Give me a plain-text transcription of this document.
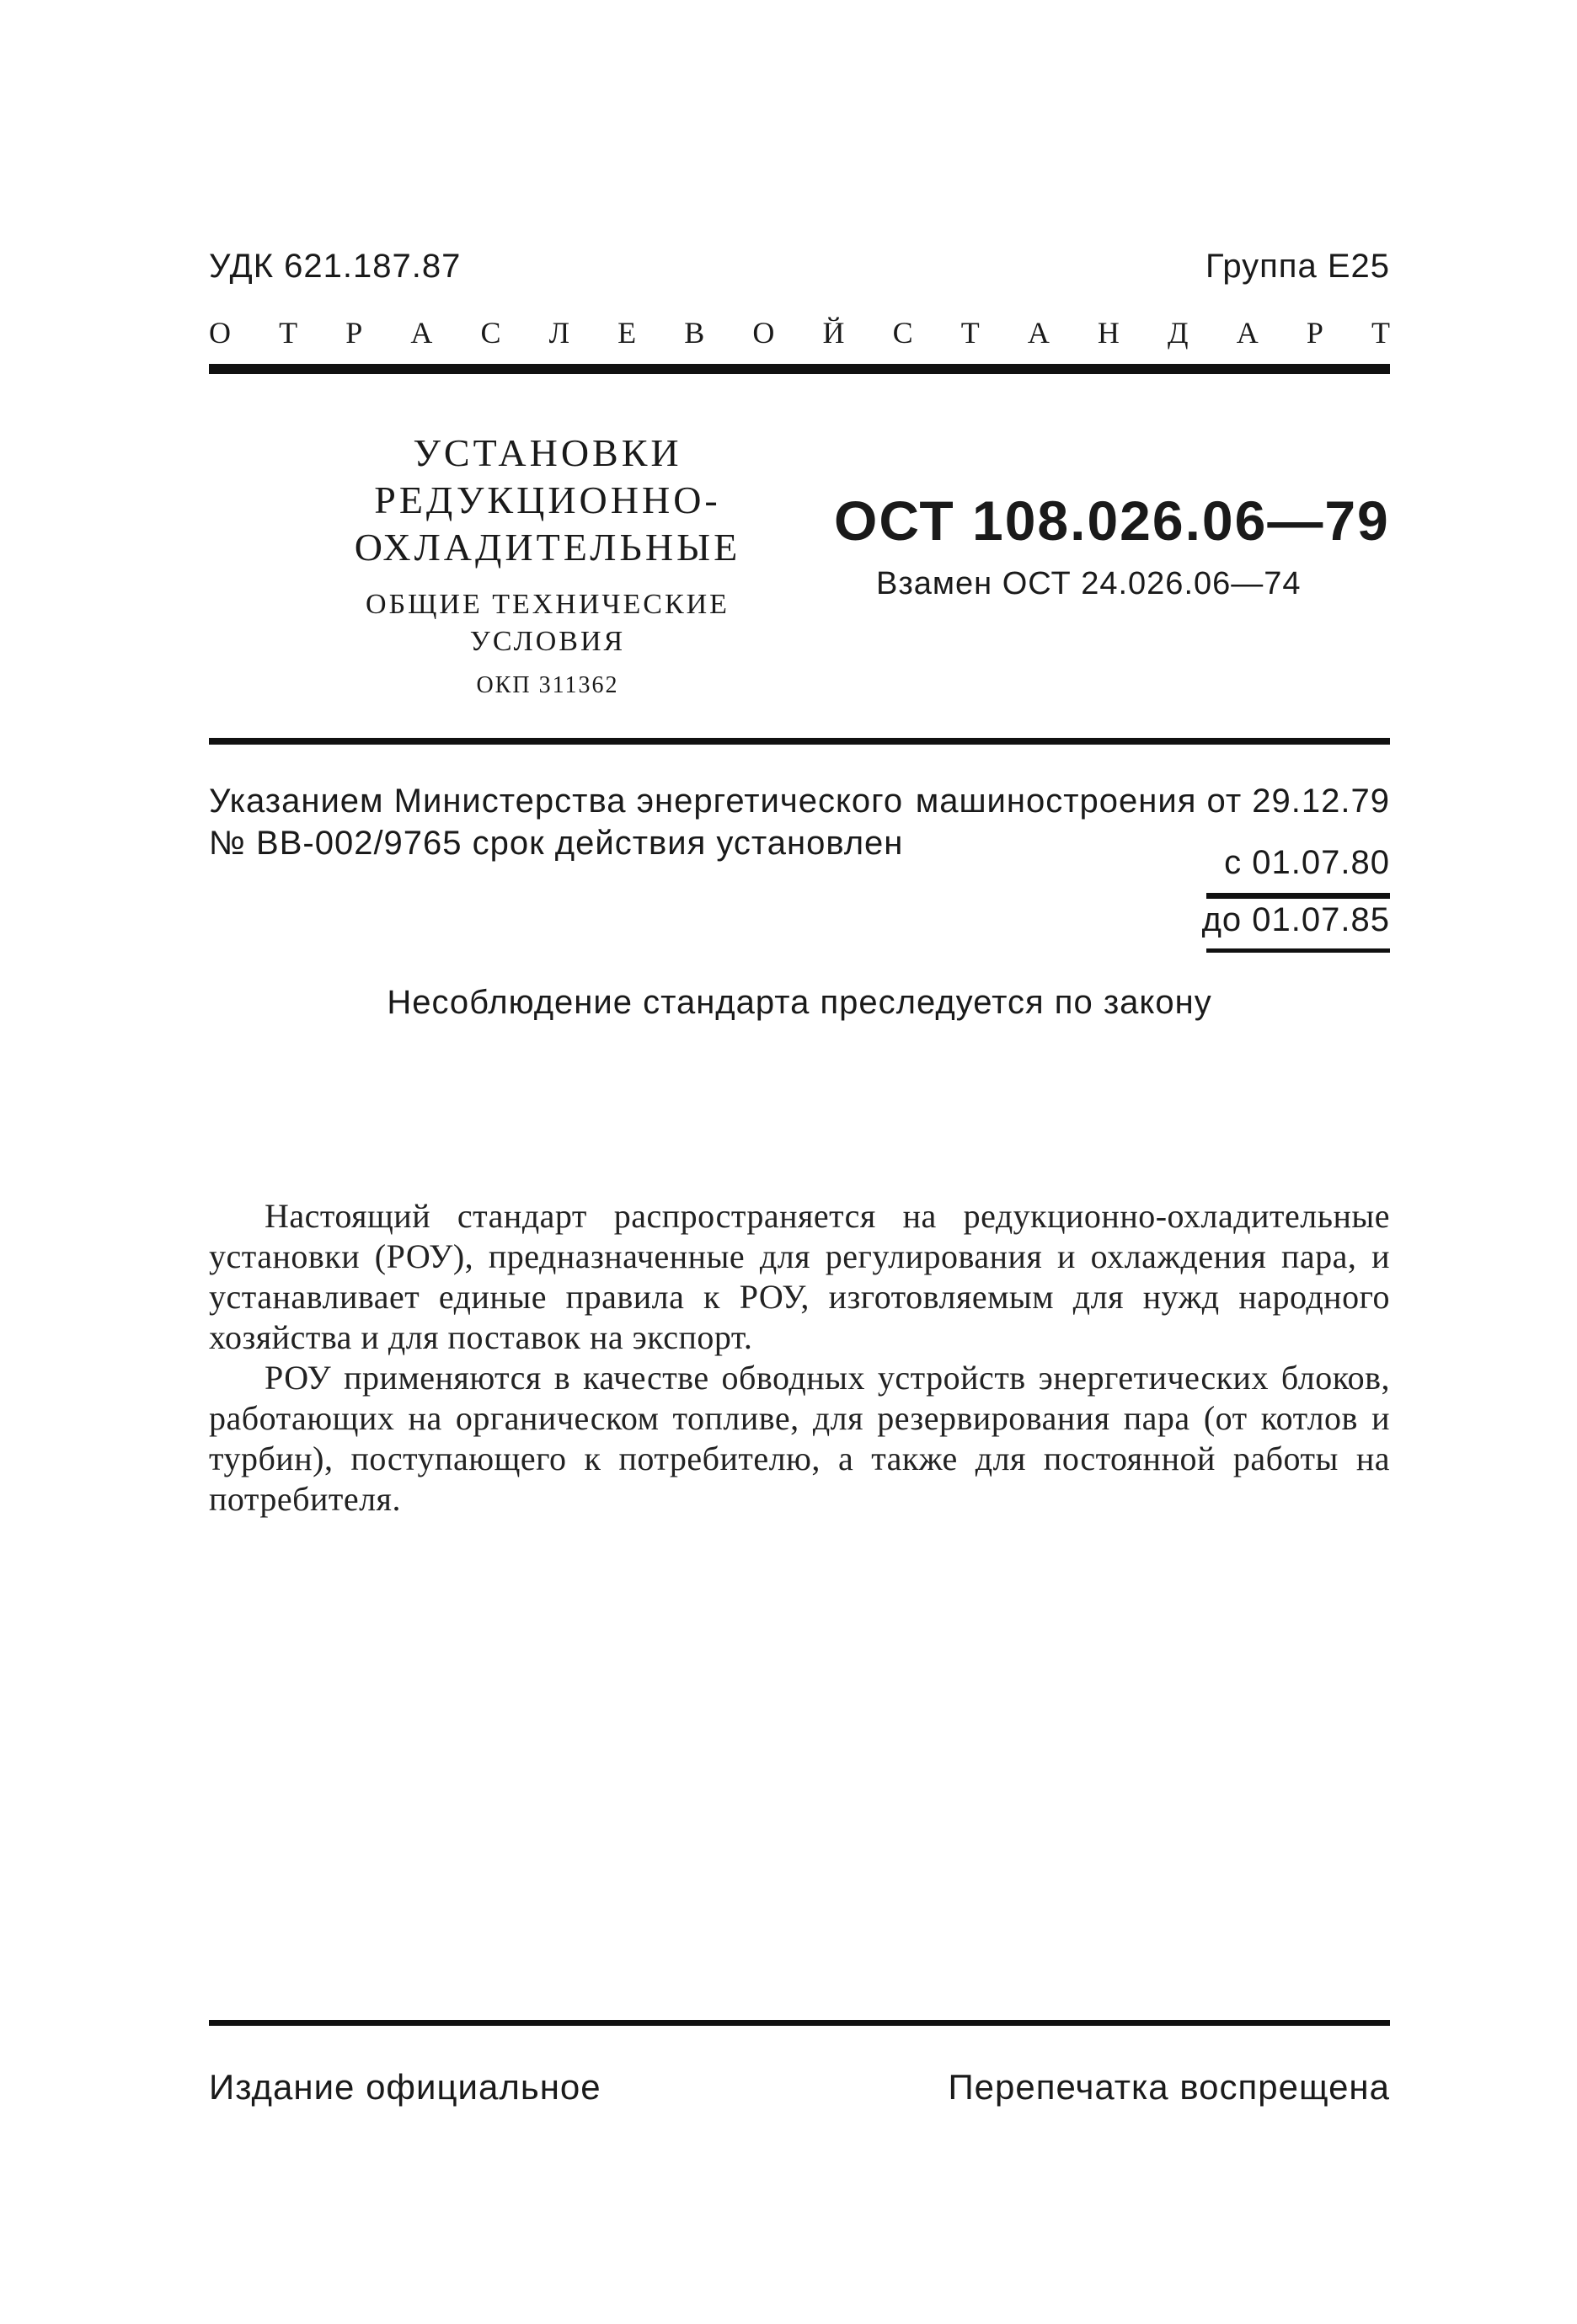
УДК 621.187.87	Группа Е25
О Т Р А С Л Е В О Й С Т А Н Д А Р Т
УСТАНОВКИ
РЕДУКЦИОННО-
ОХЛАДИТЕЛЬНЫЕ
ОБЩИЕ ТЕХНИЧЕСКИЕ УСЛОВИЯ
ОКП 311362
ОСТ 108.026.06—79
Взамен ОСТ 24.026.06—74
Указанием Министерства энергетического машиностроения от 29.12.79
№ ВВ-002/9765 срок действия установлен
с 01.07.80
до 01.07.85
Несоблюдение стандарта преследуется по закону

Настоящий стандарт распространяется на редукционно-охладительные установки (РОУ), предназначенные для регулирования и охлаждения пара, и устанавливает единые правила к РОУ, изготовляемым для нужд народного хозяйства и для поставок на экспорт.

РОУ применяются в качестве обводных устройств энергетических блоков, работающих на органическом топливе, для резервирования пара (от котлов и турбин), поступающего к потребителю, а также для постоянной работы на потребителя.

Издание официальное	Перепечатка воспрещена
